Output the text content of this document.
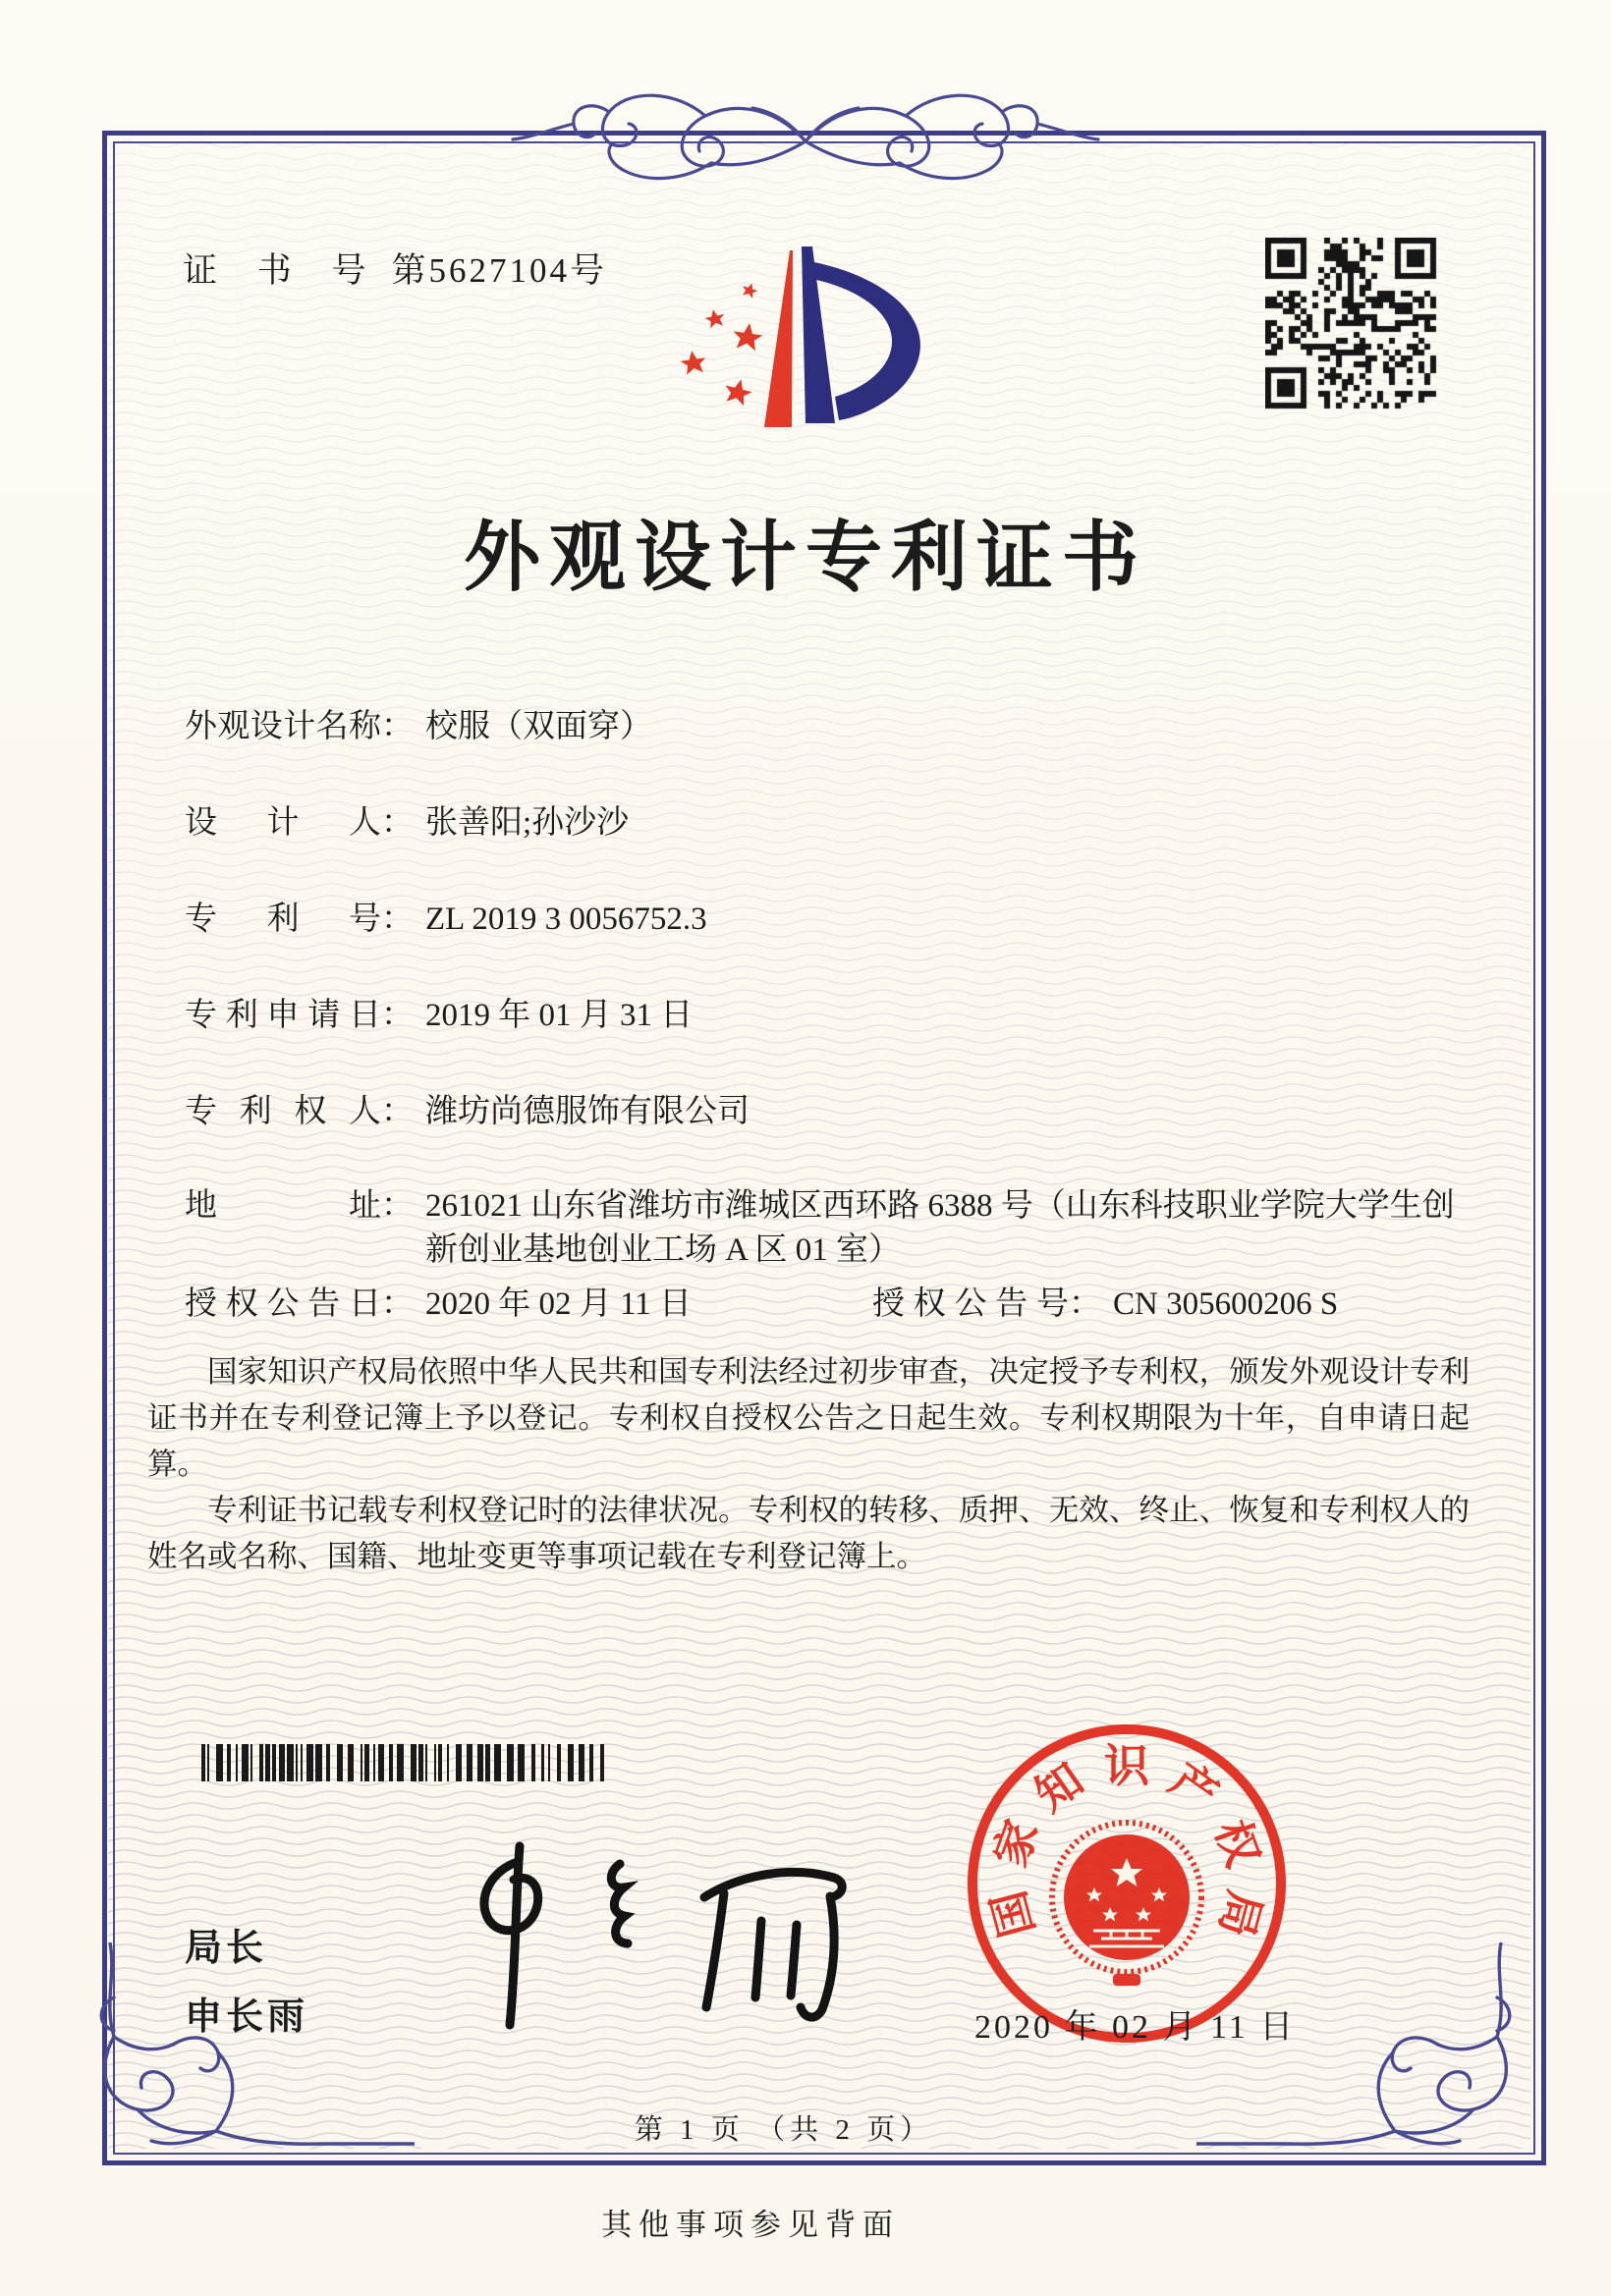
证 书 号 第5627104号
外观设计专利证书
外观设计名称 ： 校服（双面穿）
设计人 ： 张善阳;孙沙沙
专利号 ： ZL 2019 3 0056752.3
专利申请日 ： 2019 年 01 月 31 日
专利权人 ： 潍坊尚德服饰有限公司
地址 ： 261021 山东省潍坊市潍城区西环路 6388 号（山东科技职业学院大学生创新创业基地创业工场 A 区 01 室）
授权公告日 ： 2020 年 02 月 11 日	授权公告号 ： CN 305600206 S

国家知识产权局依照中华人民共和国专利法经过初步审查，决定授予专利权，颁发外观设计专利证书并在专利登记簿上予以登记。专利权自授权公告之日起生效。专利权期限为十年，自申请日起算。

专利证书记载专利权登记时的法律状况。专利权的转移、质押、无效、终止、恢复和专利权人的姓名或名称、国籍、地址变更等事项记载在专利登记簿上。

局长
申长雨
国
家
知 识 产
权
局
2020 年 02 月 11 日
第 1 页 （共 2 页）
其他事项参见背面
